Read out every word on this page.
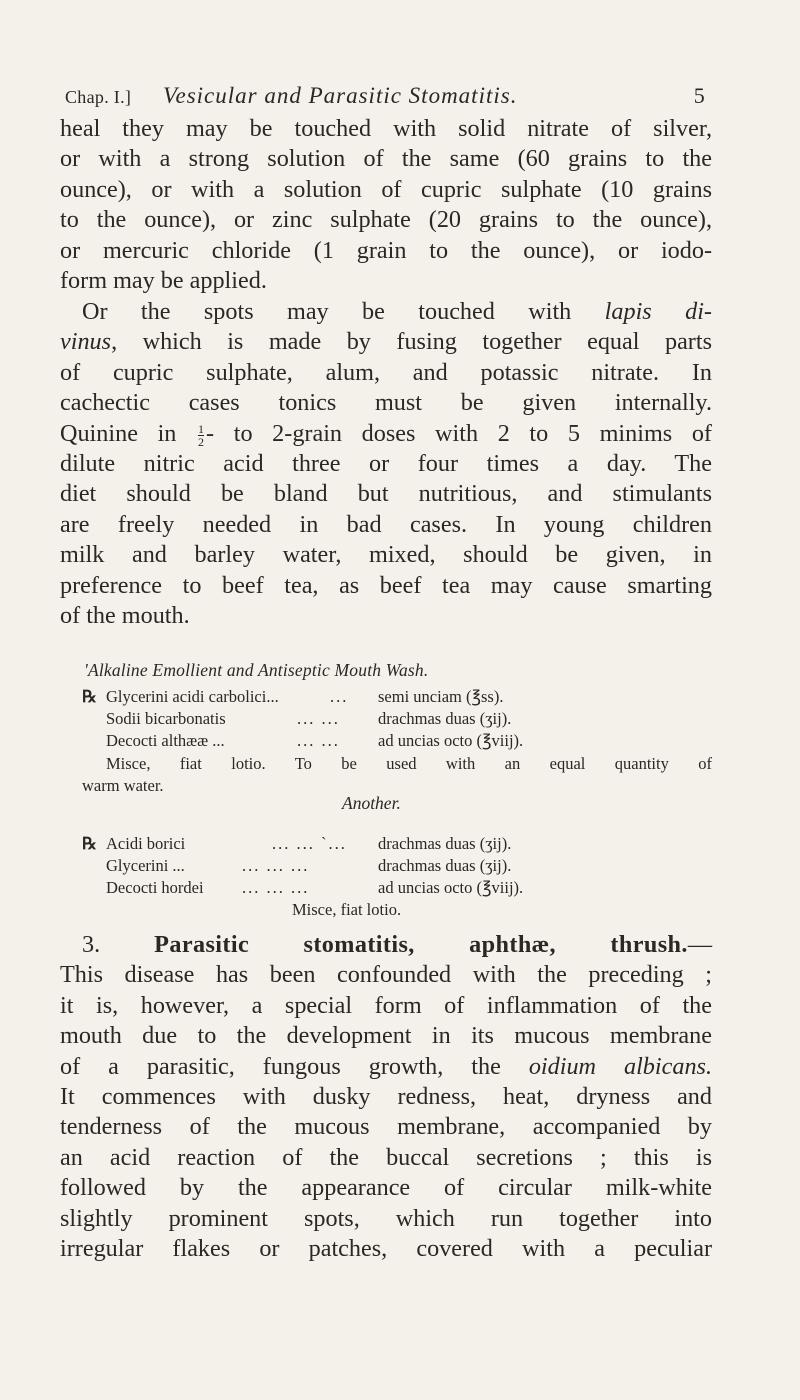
Chap. I.] Vesicular and Parasitic Stomatitis.	5
heal they may be touched with solid nitrate of silver,
or with a strong solution of the same (60 grains to the
ounce), or with a solution of cupric sulphate (10 grains
to the ounce), or zinc sulphate (20 grains to the ounce),
or mercuric chloride (1 grain to the ounce), or iodo-
form may be applied.
Or the spots may be touched with lapis di-
vinus, which is made by fusing together equal parts
of cupric sulphate, alum, and potassic nitrate. In
cachectic cases tonics must be given internally.
Quinine in $\frac{1}{2}$ - to 2-grain doses with 2 to 5 minims of
dilute nitric acid three or four times a day. The
diet should be bland but nutritious, and stimulants
are freely needed in bad cases. In young children
milk and barley water, mixed, should be given, in
preference to beef tea, as beef tea may cause smarting
of the mouth.
'Alkaline Emollient and Antiseptic Mouth Wash.
℞ Glycerini acidi carbolici...	... semi unciam (℥ss).
Sodii bicarbonatis	... ... drachmas duas (ʒij).
Decocti althææ ...	... ... ad uncias octo (℥viij).
Misce, fiat lotio. To be used with an equal quantity of
warm water.
Another.
℞ Acidi borici	... ... `... drachmas duas (ʒij).
Glycerini ...	... ... ...	drachmas duas (ʒij).
Decocti hordei ... ... ...	ad uncias octo (℥viij).
Misce, fiat lotio.
3. Parasitic stomatitis, aphthæ, thrush.—
This disease has been confounded with the preceding ;
it is, however, a special form of inflammation of the
mouth due to the development in its mucous membrane
of a parasitic, fungous growth, the oidium albicans.
It commences with dusky redness, heat, dryness and
tenderness of the mucous membrane, accompanied by
an acid reaction of the buccal secretions ; this is
followed by the appearance of circular milk-white
slightly prominent spots, which run together into
irregular flakes or patches, covered with a peculiar
